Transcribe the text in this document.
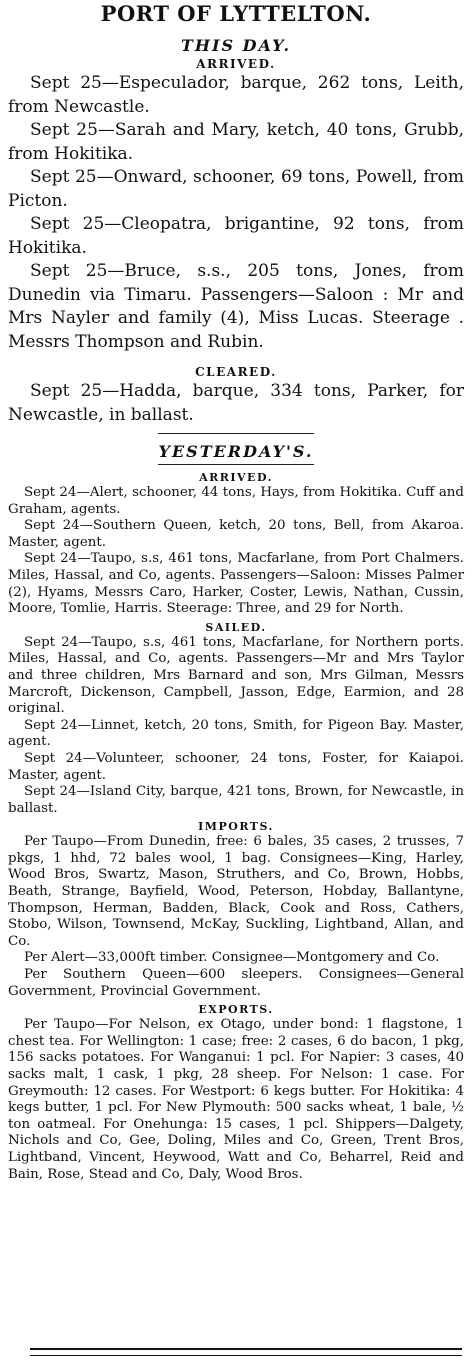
PORT OF LYTTELTON.
THIS DAY.
ARRIVED.

Sept 25—Especulador, barque, 262 tons, Leith, from Newcastle.

Sept 25—Sarah and Mary, ketch, 40 tons, Grubb, from Hokitika.

Sept 25—Onward, schooner, 69 tons, Powell, from Picton.

Sept 25—Cleopatra, brigantine, 92 tons, from Hokitika.

Sept 25—Bruce, s.s., 205 tons, Jones, from Dunedin via Timaru. Passengers—Saloon : Mr and Mrs Nayler and family (4), Miss Lucas. Steerage . Messrs Thompson and Rubin.

CLEARED.

Sept 25—Hadda, barque, 334 tons, Parker, for Newcastle, in ballast.

YESTERDAY'S.
ARRIVED.

Sept 24—Alert, schooner, 44 tons, Hays, from Hokitika. Cuff and Graham, agents.

Sept 24—Southern Queen, ketch, 20 tons, Bell, from Akaroa. Master, agent.

Sept 24—Taupo, s.s, 461 tons, Macfarlane, from Port Chalmers. Miles, Hassal, and Co, agents. Passengers—Saloon: Misses Palmer (2), Hyams, Messrs Caro, Harker, Coster, Lewis, Nathan, Cussin, Moore, Tomlie, Harris. Steerage: Three, and 29 for North.

SAILED.

Sept 24—Taupo, s.s, 461 tons, Macfarlane, for Northern ports. Miles, Hassal, and Co, agents. Passengers—Mr and Mrs Taylor and three children, Mrs Barnard and son, Mrs Gilman, Messrs Marcroft, Dickenson, Campbell, Jasson, Edge, Earmion, and 28 original.

Sept 24—Linnet, ketch, 20 tons, Smith, for Pigeon Bay. Master, agent.

Sept 24—Volunteer, schooner, 24 tons, Foster, for Kaiapoi. Master, agent.

Sept 24—Island City, barque, 421 tons, Brown, for Newcastle, in ballast.

IMPORTS.

Per Taupo—From Dunedin, free: 6 bales, 35 cases, 2 trusses, 7 pkgs, 1 hhd, 72 bales wool, 1 bag. Consignees—King, Harley, Wood Bros, Swartz, Mason, Struthers, and Co, Brown, Hobbs, Beath, Strange, Bayfield, Wood, Peterson, Hobday, Ballantyne, Thompson, Herman, Badden, Black, Cook and Ross, Cathers, Stobo, Wilson, Townsend, McKay, Suckling, Lightband, Allan, and Co.

Per Alert—33,000ft timber. Consignee—Montgomery and Co.

Per Southern Queen—600 sleepers. Consignees—General Government, Provincial Government.

EXPORTS.

Per Taupo—For Nelson, ex Otago, under bond: 1 flagstone, 1 chest tea. For Wellington: 1 case; free: 2 cases, 6 do bacon, 1 pkg, 156 sacks potatoes. For Wanganui: 1 pcl. For Napier: 3 cases, 40 sacks malt, 1 cask, 1 pkg, 28 sheep. For Nelson: 1 case. For Greymouth: 12 cases. For Westport: 6 kegs butter. For Hokitika: 4 kegs butter, 1 pcl. For New Plymouth: 500 sacks wheat, 1 bale, ½ ton oatmeal. For Onehunga: 15 cases, 1 pcl. Shippers—Dalgety, Nichols and Co, Gee, Doling, Miles and Co, Green, Trent Bros, Lightband, Vincent, Heywood, Watt and Co, Beharrel, Reid and Bain, Rose, Stead and Co, Daly, Wood Bros.
